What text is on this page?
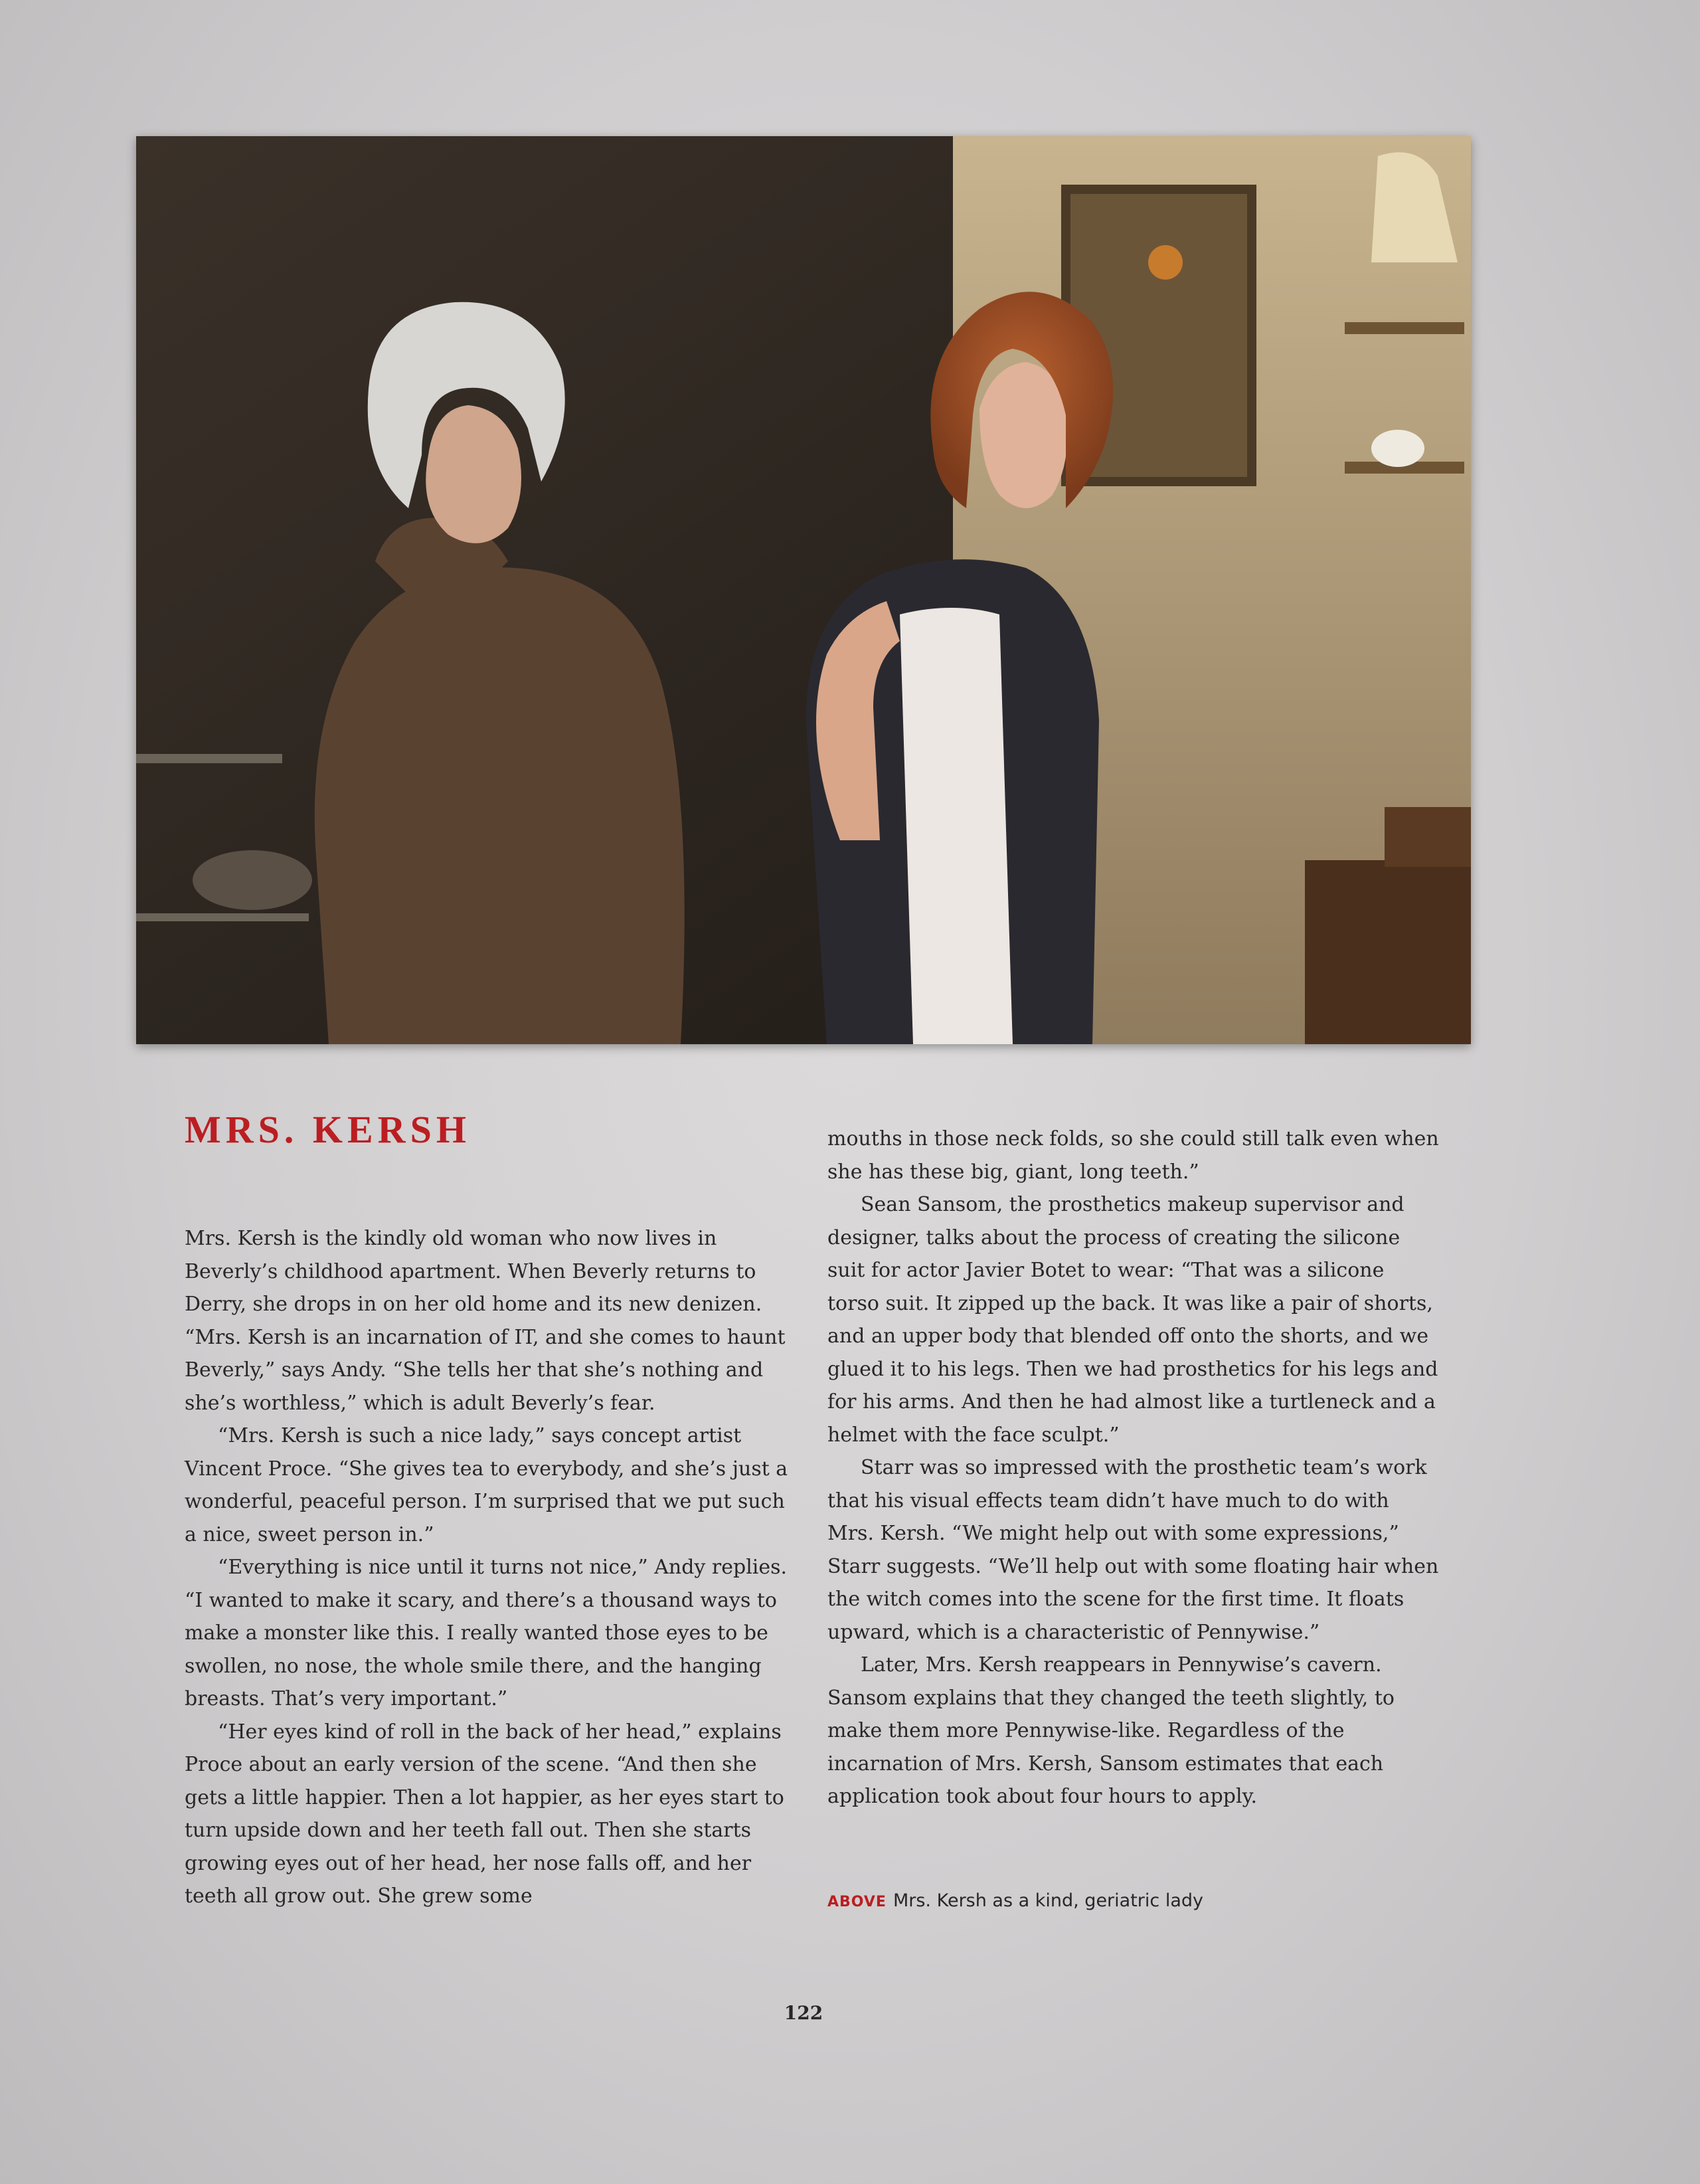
MRS. KERSH

Mrs. Kersh is the kindly old woman who now lives in Beverly’s childhood apartment. When Beverly returns to Derry, she drops in on her old home and its new denizen. “Mrs. Kersh is an incarnation of IT, and she comes to haunt Beverly,” says Andy. “She tells her that she’s nothing and she’s worthless,” which is adult Beverly’s fear.

“Mrs. Kersh is such a nice lady,” says concept artist Vincent Proce. “She gives tea to everybody, and she’s just a wonderful, peaceful person. I’m surprised that we put such a nice, sweet person in.”

“Everything is nice until it turns not nice,” Andy replies. “I wanted to make it scary, and there’s a thousand ways to make a monster like this. I really wanted those eyes to be swollen, no nose, the whole smile there, and the hanging breasts. That’s very important.”

“Her eyes kind of roll in the back of her head,” explains Proce about an early version of the scene. “And then she gets a little happier. Then a lot happier, as her eyes start to turn upside down and her teeth fall out. Then she starts growing eyes out of her head, her nose falls off, and her teeth all grow out. She grew some

mouths in those neck folds, so she could still talk even when she has these big, giant, long teeth.”

Sean Sansom, the prosthetics makeup supervisor and designer, talks about the process of creating the silicone suit for actor Javier Botet to wear: “That was a silicone torso suit. It zipped up the back. It was like a pair of shorts, and an upper body that blended off onto the shorts, and we glued it to his legs. Then we had prosthetics for his legs and for his arms. And then he had almost like a turtleneck and a helmet with the face sculpt.”

Starr was so impressed with the prosthetic team’s work that his visual effects team didn’t have much to do with Mrs. Kersh. “We might help out with some expressions,” Starr suggests. “We’ll help out with some floating hair when the witch comes into the scene for the first time. It floats upward, which is a characteristic of Pennywise.”

Later, Mrs. Kersh reappears in Pennywise’s cavern. Sansom explains that they changed the teeth slightly, to make them more Pennywise-like. Regardless of the incarnation of Mrs. Kersh, Sansom estimates that each application took about four hours to apply.

ABOVE Mrs. Kersh as a kind, geriatric lady
122
